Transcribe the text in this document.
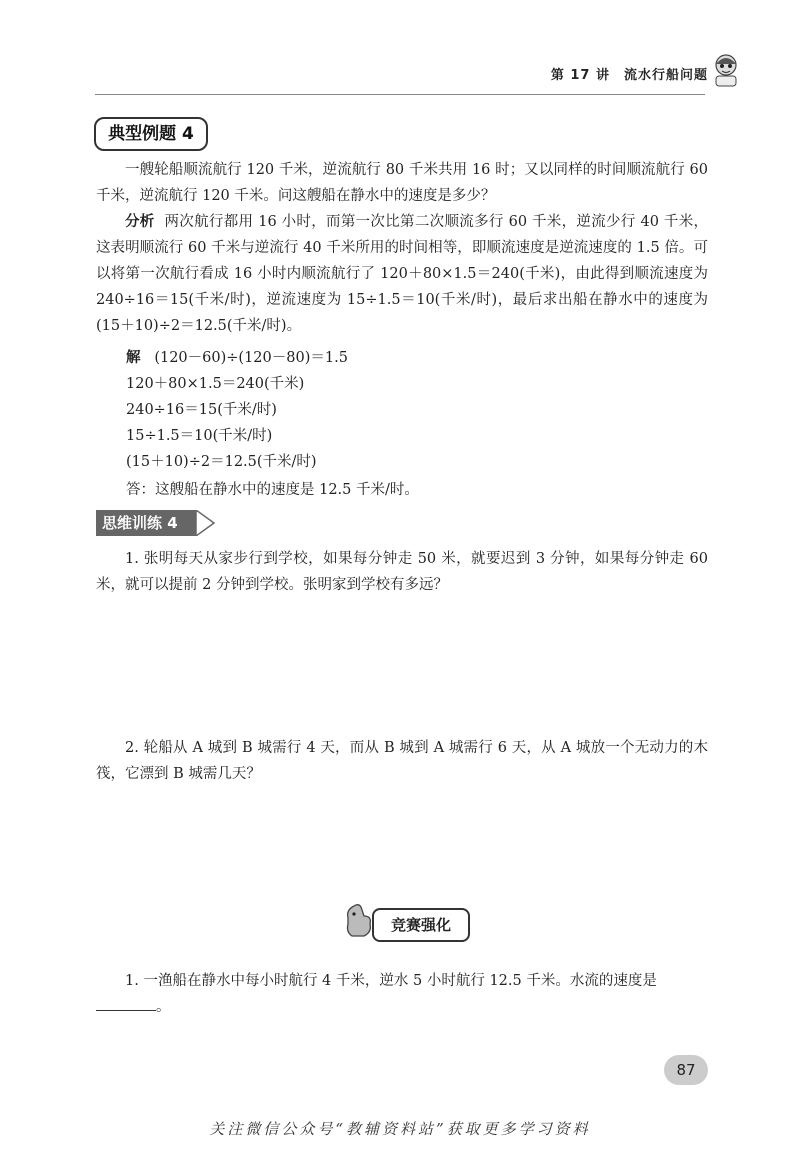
第 17 讲 流水行船问题
典型例题 4
一艘轮船顺流航行 120 千米，逆流航行 80 千米共用 16 时；又以同样的时间顺流航行 60 千米，逆流航行 120 千米。问这艘船在静水中的速度是多少？
分析 两次航行都用 16 小时，而第一次比第二次顺流多行 60 千米，逆流少行 40 千米，这表明顺流行 60 千米与逆流行 40 千米所用的时间相等，即顺流速度是逆流速度的 1.5 倍。可以将第一次航行看成 16 小时内顺流航行了 120＋80×1.5＝240(千米)，由此得到顺流速度为 240÷16＝15(千米/时)，逆流速度为 15÷1.5＝10(千米/时)，最后求出船在静水中的速度为 (15＋10)÷2＝12.5(千米/时)。
解 (120－60)÷(120－80)＝1.5
120＋80×1.5＝240(千米)
240÷16＝15(千米/时)
15÷1.5＝10(千米/时)
(15＋10)÷2＝12.5(千米/时)
答：这艘船在静水中的速度是 12.5 千米/时。
思维训练 4
1. 张明每天从家步行到学校，如果每分钟走 50 米，就要迟到 3 分钟，如果每分钟走 60 米，就可以提前 2 分钟到学校。张明家到学校有多远？
2. 轮船从 A 城到 B 城需行 4 天，而从 B 城到 A 城需行 6 天，从 A 城放一个无动力的木筏，它漂到 B 城需几天？
竞赛强化
1. 一渔船在静水中每小时航行 4 千米，逆水 5 小时航行 12.5 千米。水流的速度是
。
87
关注微信公众号“教辅资料站”获取更多学习资料
